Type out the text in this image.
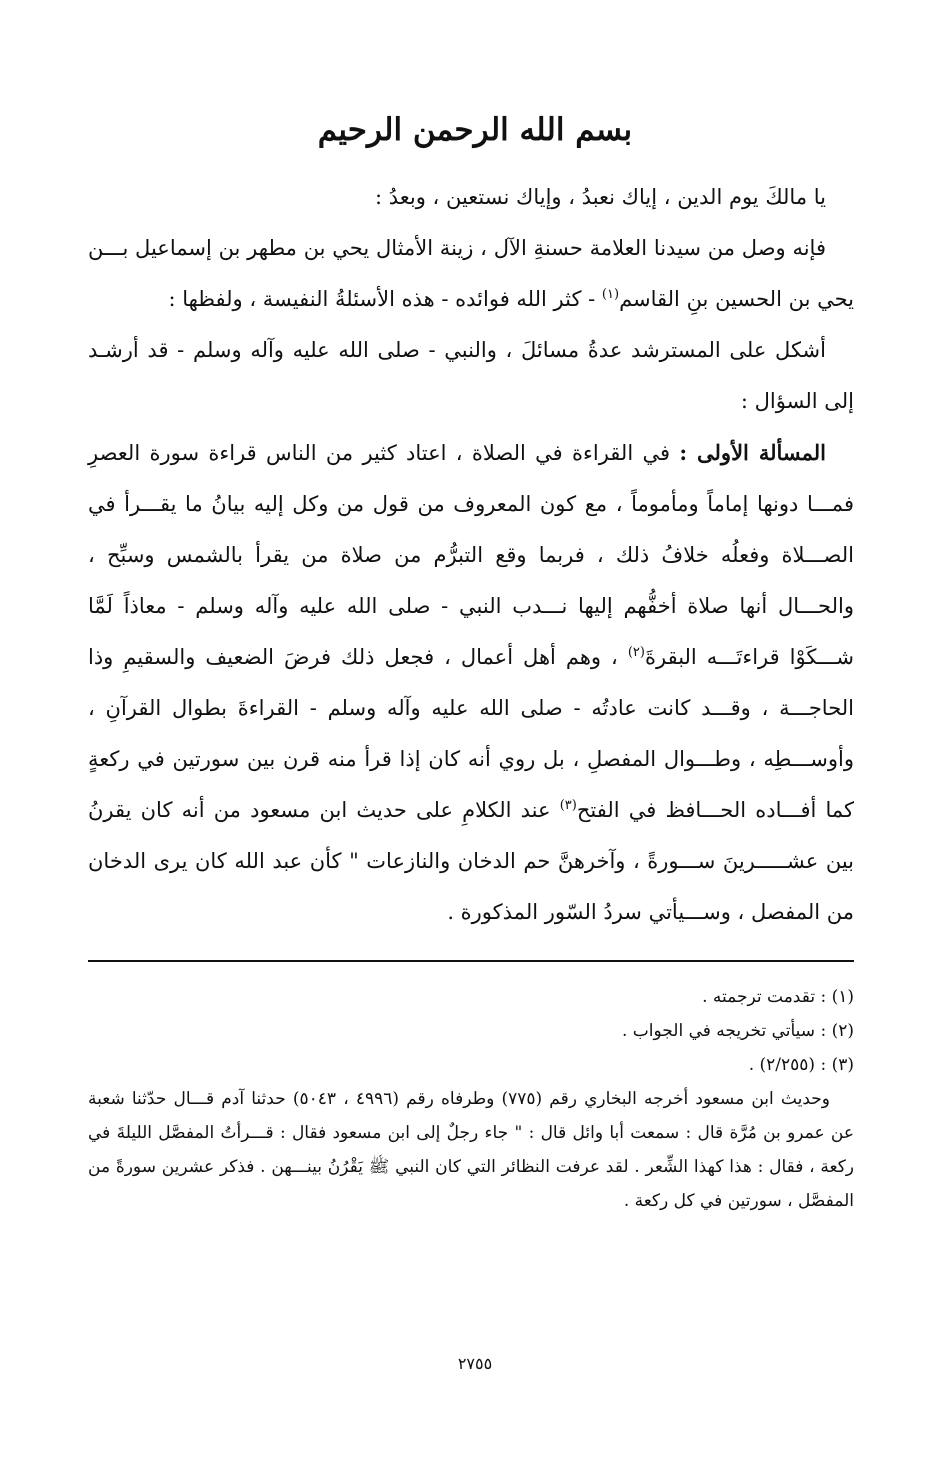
بسم الله الرحمن الرحيم

يا مالكَ يوم الدين ، إياك نعبدُ ، وإياك نستعين ، وبعدُ :

فإنه وصل من سيدنا العلامة حسنةِ الآل ، زينة الأمثال يحي بن مطهر بن إسماعيل بـــن يحي بن الحسين بنِ القاسم$^{(١)}$ - كثر الله فوائده - هذه الأسئلةُ النفيسة ، ولفظها :

أشكل على المسترشد عدةُ مسائلَ ، والنبي - صلى الله عليه وآله وسلم - قد أرشـد إلى السؤال :

المسألة الأولى : في القراءة في الصلاة ، اعتاد كثير من الناس قراءة سورة العصرِ فمـــا دونها إماماً ومأموماً ، مع كون المعروف من قول من وكل إليه بيانُ ما يقـــرأ في الصـــلاة وفعلُه خلافُ ذلك ، فربما وقع التبرُّم من صلاة من يقرأ بالشمس وسبِّح ، والحـــال أنها صلاة أخفُّهم إليها نـــدب النبي - صلى الله عليه وآله وسلم - معاذاً لَمَّا شـــكَوْا قراءتَـــه البقرةَ$^{(٢)}$ ، وهم أهل أعمال ، فجعل ذلك فرضَ الضعيف والسقيمِ وذا الحاجـــة ، وقـــد كانت عادتُه - صلى الله عليه وآله وسلم - القراءةَ بطوال القرآنِ ، وأوســـطِه ، وطـــوال المفصلِ ، بل روي أنه كان إذا قرأ منه قرن بين سورتين في ركعةٍ كما أفـــاده الحـــافظ في الفتح$^{(٣)}$ عند الكلامِ على حديث ابن مسعود من أنه كان يقرنُ بين عشـــــرينَ ســـورةً ، وآخرهنَّ حم الدخان والنازعات " كأن عبد الله كان يرى الدخان من المفصل ، وســـيأتي سردُ السّور المذكورة .

(١) : تقدمت ترجمته .

(٢) : سيأتي تخريجه في الجواب .

(٣) : (٢/٢٥٥) .

وحديث ابن مسعود أخرجه البخاري رقم (٧٧٥) وطرفاه رقم (٤٩٩٦ ، ٥٠٤٣) حدثنا آدم قـــال حدّثنا شعبة عن عمرو بن مُرَّة قال : سمعت أبا وائل قال : " جاء رجلٌ إلى ابن مسعود فقال : قـــرأتُ المفصَّل الليلةَ في ركعة ، فقال : هذا كهذا الشِّعر . لقد عرفت النظائر التي كان النبي ﷺ يَقْرُنُ بينـــهن . فذكر عشرين سورةً من المفصَّل ، سورتين في كل ركعة .

٢٧٥٥
